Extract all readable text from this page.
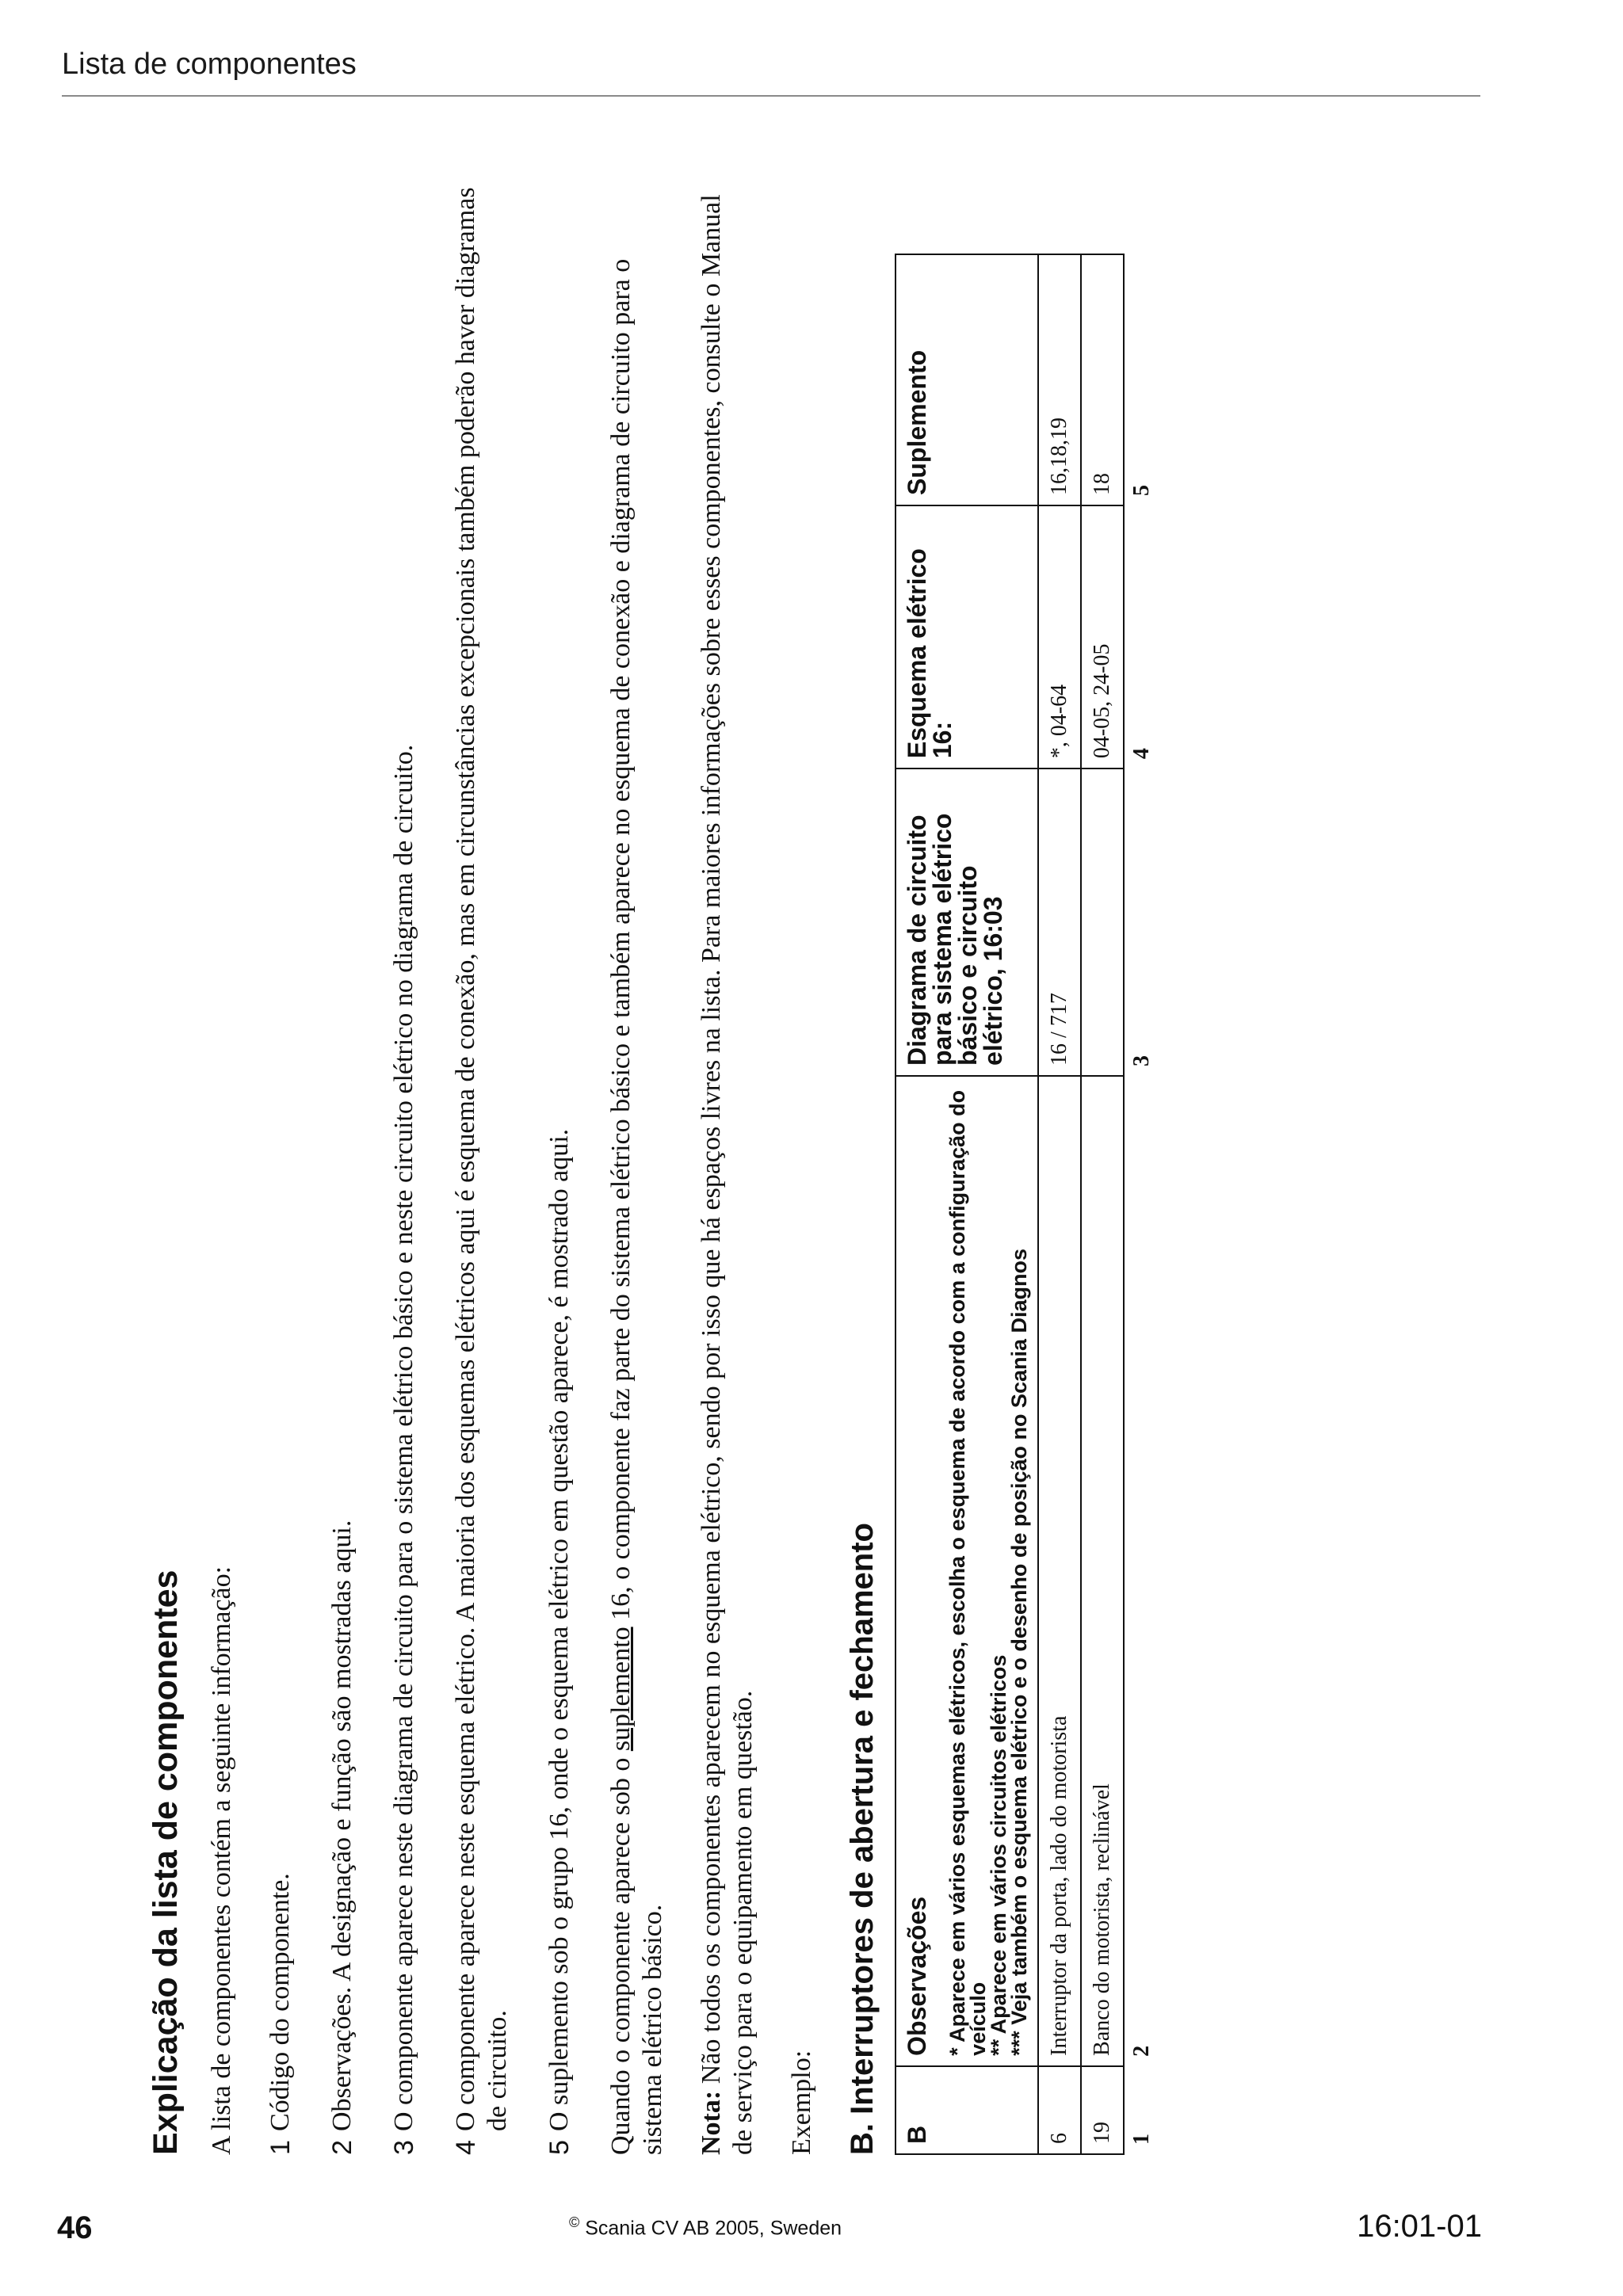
Lista de componentes
Explicação da lista de componentes A lista de componentes contém a seguinte informação: 1
Código do componente.
2
Observações. A designação e função são mostradas aqui.
3
O componente aparece neste diagrama de circuito para o sistema elétrico básico e neste circuito elétrico no diagrama de circuito.
4
O componente aparece neste esquema elétrico. A maioria dos esquemas elétricos aqui é esquema de conexão, mas em circunstâncias excepcionais também poderão haver diagramas de circuito.
5
O suplemento sob o grupo 16, onde o esquema elétrico em questão aparece, é mostrado aqui. Quando o componente aparece sob o suplemento 16, o componente faz parte do sistema elétrico básico e também aparece no esquema de conexão e diagrama de circuito para o sistema elétrico básico. Nota: Não todos os componentes aparecem no esquema elétrico, sendo por isso que há espaços livres na lista. Para maiores informações sobre esses componentes, consulte o Manual de serviço para o equipamento em questão. Exemplo: B. Interruptores de abertura e fechamento B	Observações * Aparece em vários esquemas elétricos, escolha o esquema de acordo com a configuração do veículo
** Aparece em vários circuitos elétricos
*** Veja também o esquema elétrico e o desenho de posição no Scania Diagnos	Diagrama de circuito para sistema elétrico básico e circuito elétrico, 16:03	Esquema elétrico 16:	Suplemento
6	Interruptor da porta, lado do motorista	16 / 717	*, 04-64	16,18,19
19	Banco do motorista, reclinável		04-05, 24-05	18
1	2	3	4	5
46	© Scania CV AB 2005, Sweden	16:01-01
